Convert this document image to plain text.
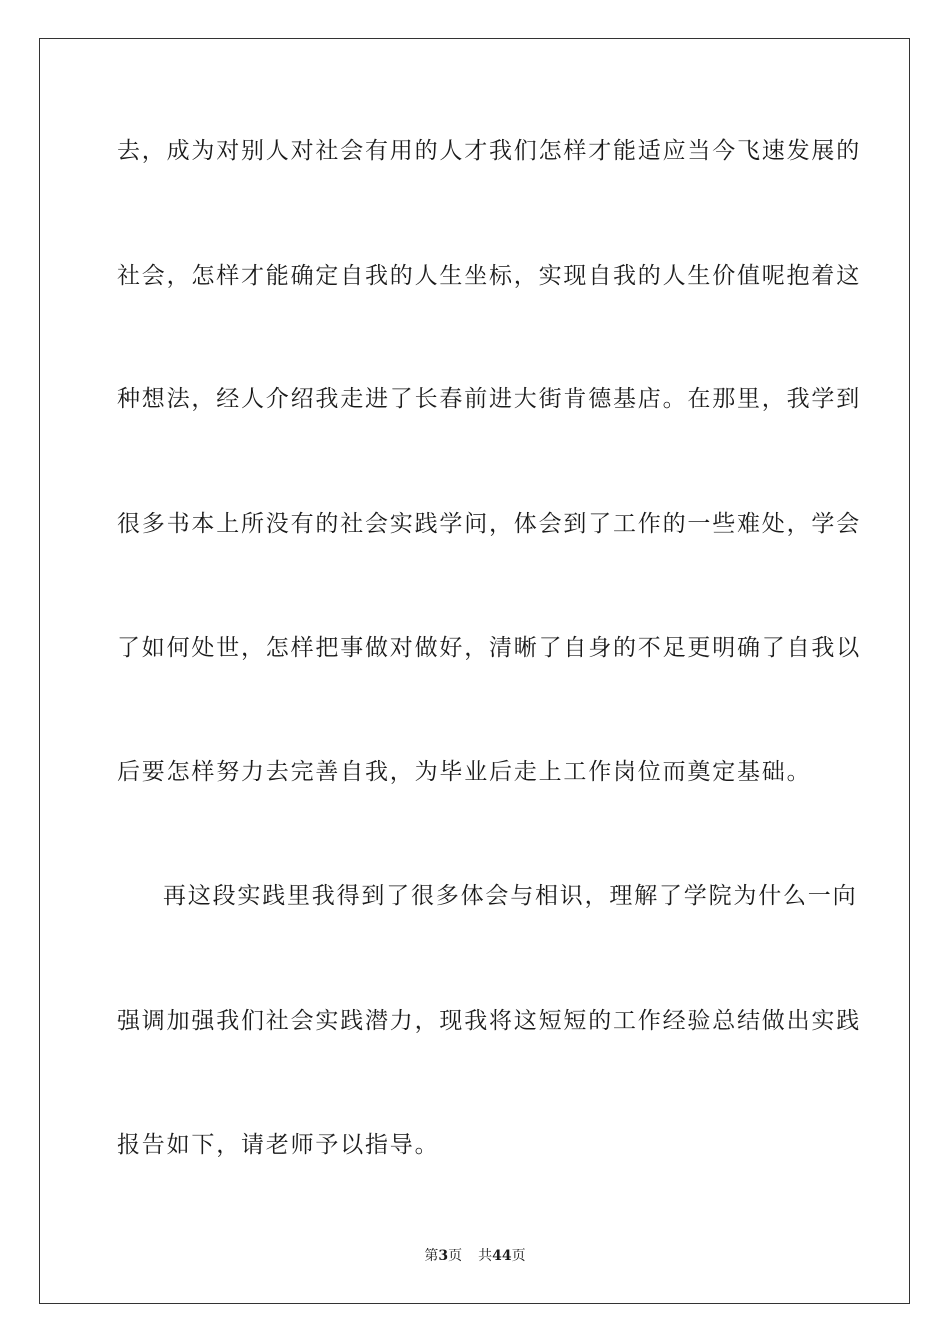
去，成为对别人对社会有用的人才我们怎样才能适应当今飞速发展的
社会，怎样才能确定自我的人生坐标，实现自我的人生价值呢抱着这
种想法，经人介绍我走进了长春前进大街肯德基店。在那里，我学到
很多书本上所没有的社会实践学问，体会到了工作的一些难处，学会
了如何处世，怎样把事做对做好，清晰了自身的不足更明确了自我以
后要怎样努力去完善自我，为毕业后走上工作岗位而奠定基础。
再这段实践里我得到了很多体会与相识，理解了学院为什么一向
强调加强我们社会实践潜力，现我将这短短的工作经验总结做出实践
报告如下，请老师予以指导。
第3页 共44页
